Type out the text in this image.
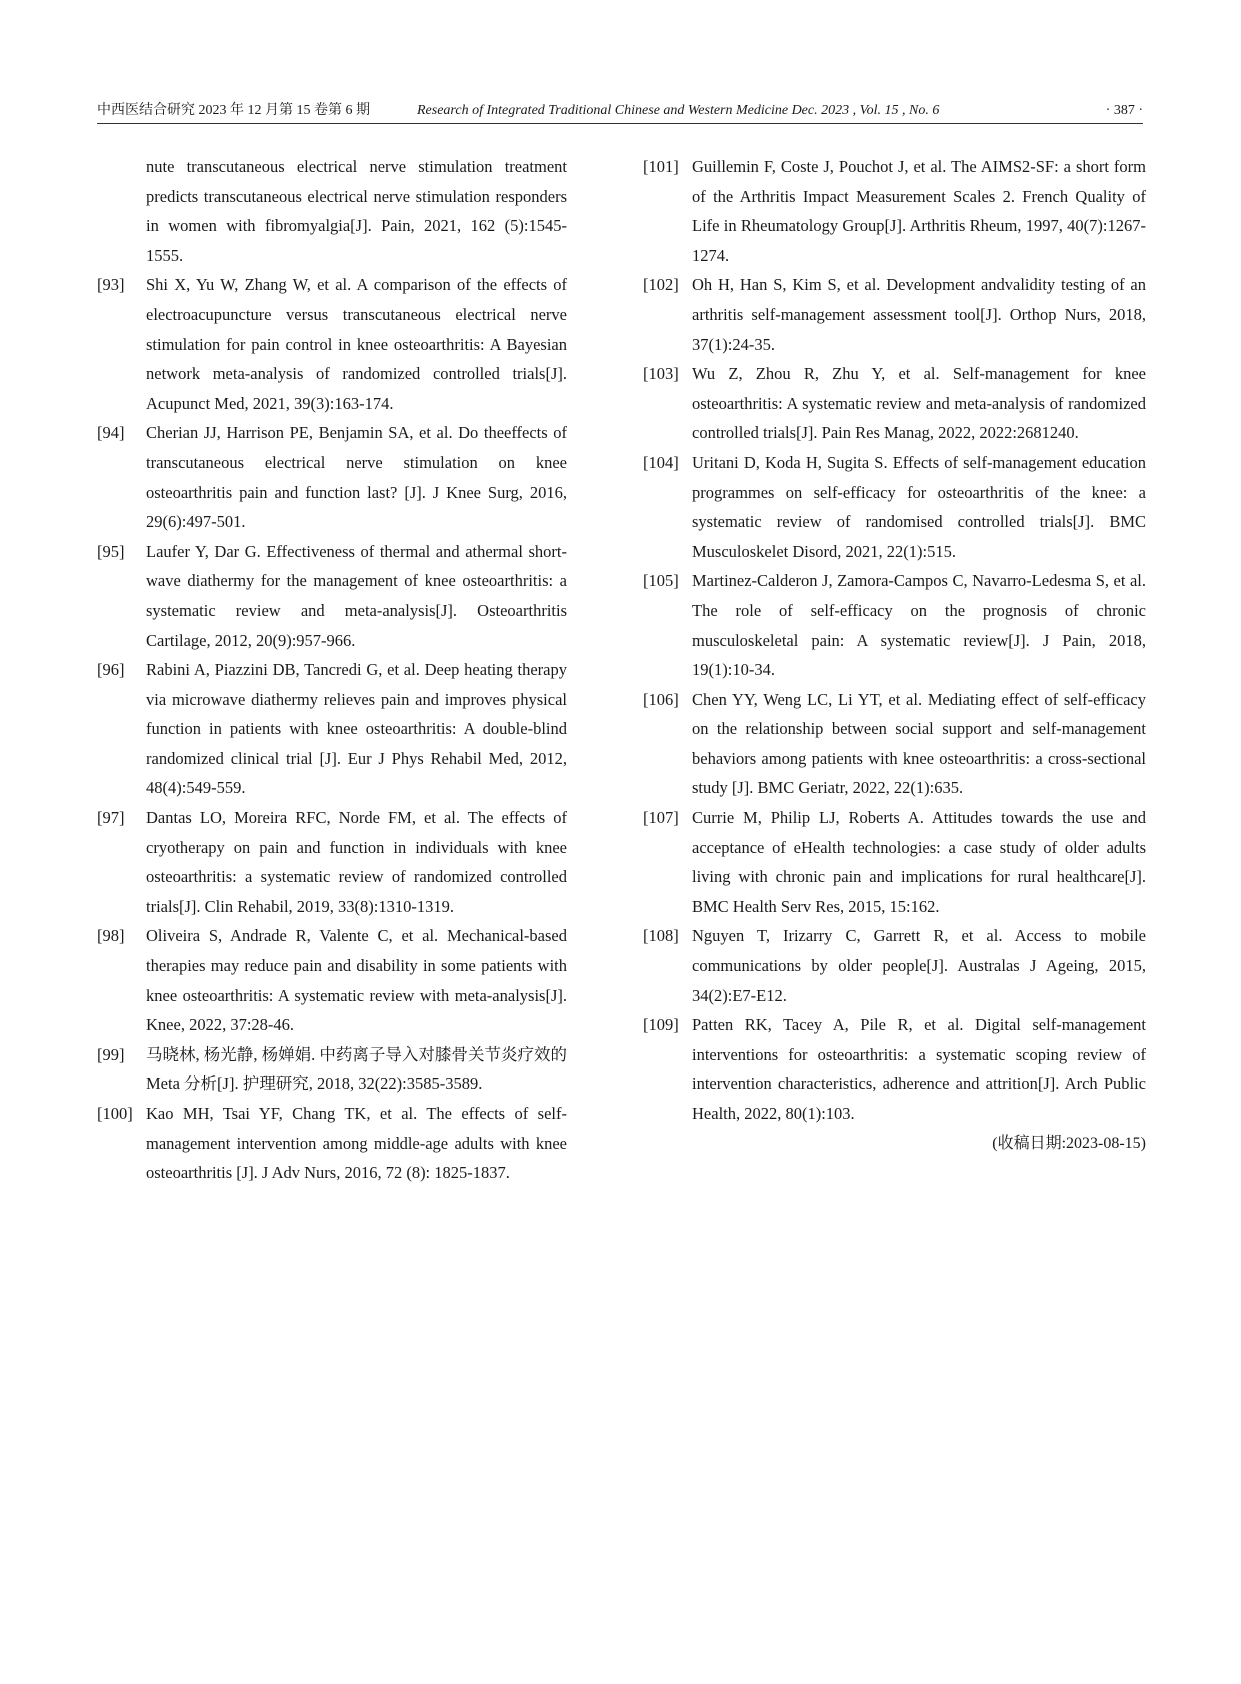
中西医结合研究 2023 年 12 月第 15 卷第 6 期	Research of Integrated Traditional Chinese and Western Medicine Dec. 2023 , Vol. 15 , No. 6	· 387 ·

nute transcutaneous electrical nerve stimulation treatment predicts transcutaneous electrical nerve stimulation responders in women with fibromyalgia[J]. Pain, 2021, 162 (5):1545-1555.

[93] Shi X, Yu W, Zhang W, et al. A comparison of the effects of electroacupuncture versus transcutaneous electrical nerve stimulation for pain control in knee osteoarthritis: A Bayesian network meta-analysis of randomized controlled trials[J]. Acupunct Med, 2021, 39(3):163-174.

[94] Cherian JJ, Harrison PE, Benjamin SA, et al. Do theeffects of transcutaneous electrical nerve stimulation on knee osteoarthritis pain and function last? [J]. J Knee Surg, 2016, 29(6):497-501.

[95] Laufer Y, Dar G. Effectiveness of thermal and athermal short-wave diathermy for the management of knee osteoarthritis: a systematic review and meta-analysis[J]. Osteoarthritis Cartilage, 2012, 20(9):957-966.

[96] Rabini A, Piazzini DB, Tancredi G, et al. Deep heating therapy via microwave diathermy relieves pain and improves physical function in patients with knee osteoarthritis: A double-blind randomized clinical trial [J]. Eur J Phys Rehabil Med, 2012, 48(4):549-559.

[97] Dantas LO, Moreira RFC, Norde FM, et al. The effects of cryotherapy on pain and function in individuals with knee osteoarthritis: a systematic review of randomized controlled trials[J]. Clin Rehabil, 2019, 33(8):1310-1319.

[98] Oliveira S, Andrade R, Valente C, et al. Mechanical-based therapies may reduce pain and disability in some patients with knee osteoarthritis: A systematic review with meta-analysis[J]. Knee, 2022, 37:28-46.

[99] 马晓林, 杨光静, 杨婵娟. 中药离子导入对膝骨关节炎疗效的 Meta 分析[J]. 护理研究, 2018, 32(22):3585-3589.

[100] Kao MH, Tsai YF, Chang TK, et al. The effects of self-management intervention among middle-age adults with knee osteoarthritis [J]. J Adv Nurs, 2016, 72 (8): 1825-1837.

[101] Guillemin F, Coste J, Pouchot J, et al. The AIMS2-SF: a short form of the Arthritis Impact Measurement Scales 2. French Quality of Life in Rheumatology Group[J]. Arthritis Rheum, 1997, 40(7):1267-1274.

[102] Oh H, Han S, Kim S, et al. Development andvalidity testing of an arthritis self-management assessment tool[J]. Orthop Nurs, 2018, 37(1):24-35.

[103] Wu Z, Zhou R, Zhu Y, et al. Self-management for knee osteoarthritis: A systematic review and meta-analysis of randomized controlled trials[J]. Pain Res Manag, 2022, 2022:2681240.

[104] Uritani D, Koda H, Sugita S. Effects of self-management education programmes on self-efficacy for osteoarthritis of the knee: a systematic review of randomised controlled trials[J]. BMC Musculoskelet Disord, 2021, 22(1):515.

[105] Martinez-Calderon J, Zamora-Campos C, Navarro-Ledesma S, et al. The role of self-efficacy on the prognosis of chronic musculoskeletal pain: A systematic review[J]. J Pain, 2018, 19(1):10-34.

[106] Chen YY, Weng LC, Li YT, et al. Mediating effect of self-efficacy on the relationship between social support and self-management behaviors among patients with knee osteoarthritis: a cross-sectional study [J]. BMC Geriatr, 2022, 22(1):635.

[107] Currie M, Philip LJ, Roberts A. Attitudes towards the use and acceptance of eHealth technologies: a case study of older adults living with chronic pain and implications for rural healthcare[J]. BMC Health Serv Res, 2015, 15:162.

[108] Nguyen T, Irizarry C, Garrett R, et al. Access to mobile communications by older people[J]. Australas J Ageing, 2015, 34(2):E7-E12.

[109] Patten RK, Tacey A, Pile R, et al. Digital self-management interventions for osteoarthritis: a systematic scoping review of intervention characteristics, adherence and attrition[J]. Arch Public Health, 2022, 80(1):103.

(收稿日期:2023-08-15)
